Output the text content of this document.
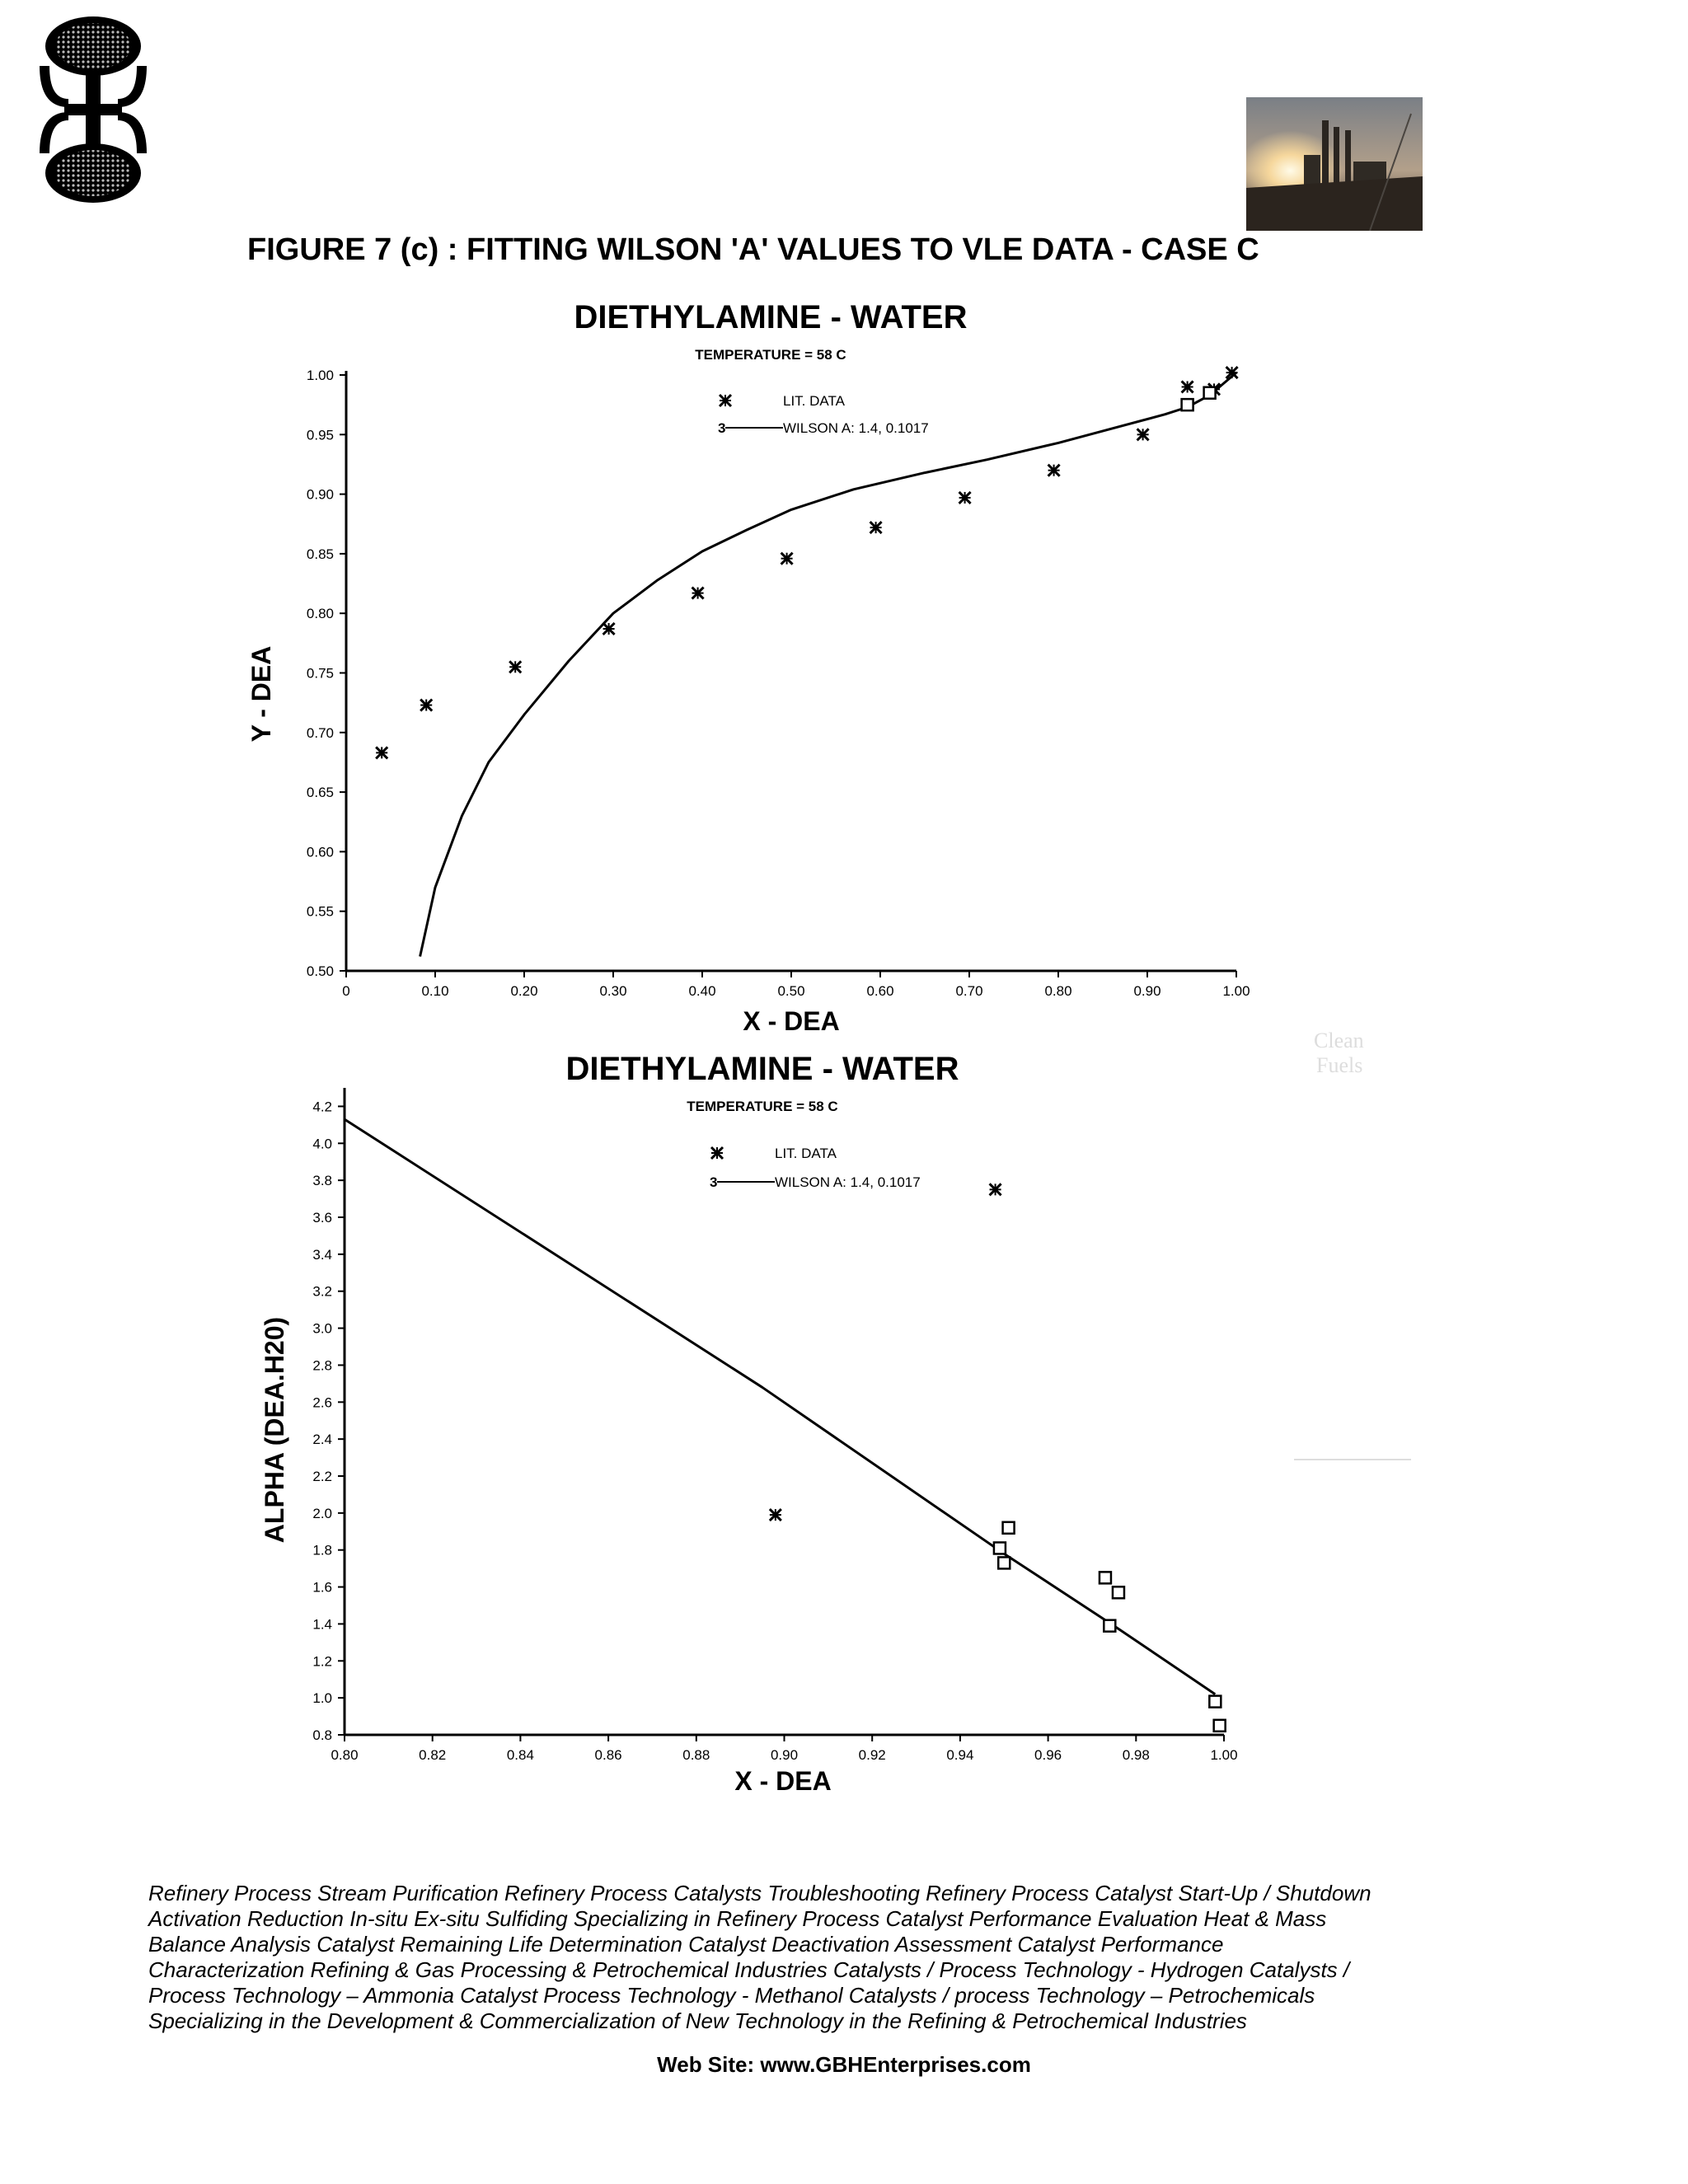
FIGURE 7 (c) : FITTING WILSON 'A' VALUES TO VLE DATA - CASE C
DIETHYLAMINE - WATER
TEMPERATURE = 58 C
0	0.10	0.20	0.30	0.40	0.50	0.60	0.70	0.80	0.90	1.00
0.50
0.55
0.60
0.65
0.70
0.75
0.80
0.85
0.90
0.95
1.00
X - DEA
Y - DEA
LIT. DATA
3	WILSON A: 1.4, 0.1017
DIETHYLAMINE - WATER
TEMPERATURE = 58 C
0.80	0.82	0.84	0.86	0.88	0.90	0.92	0.94	0.96	0.98	1.00
0.8
1.0
1.2
1.4
1.6
1.8
2.0
2.2
2.4
2.6
2.8
3.0
3.2
3.4
3.6
3.8
4.0
4.2
X - DEA
ALPHA (DEA.H20)
LIT. DATA
3	WILSON A: 1.4, 0.1017
Clean
Fuels
Refinery Process Stream Purification Refinery Process Catalysts Troubleshooting Refinery Process Catalyst Start-Up / Shutdown
Activation Reduction In-situ Ex-situ Sulfiding Specializing in Refinery Process Catalyst Performance Evaluation Heat & Mass
Balance Analysis Catalyst Remaining Life Determination Catalyst Deactivation Assessment Catalyst Performance
Characterization Refining & Gas Processing & Petrochemical Industries Catalysts / Process Technology - Hydrogen Catalysts /
Process Technology – Ammonia Catalyst Process Technology - Methanol Catalysts / process Technology – Petrochemicals
Specializing in the Development & Commercialization of New Technology in the Refining & Petrochemical Industries
Web Site: www.GBHEnterprises.com
